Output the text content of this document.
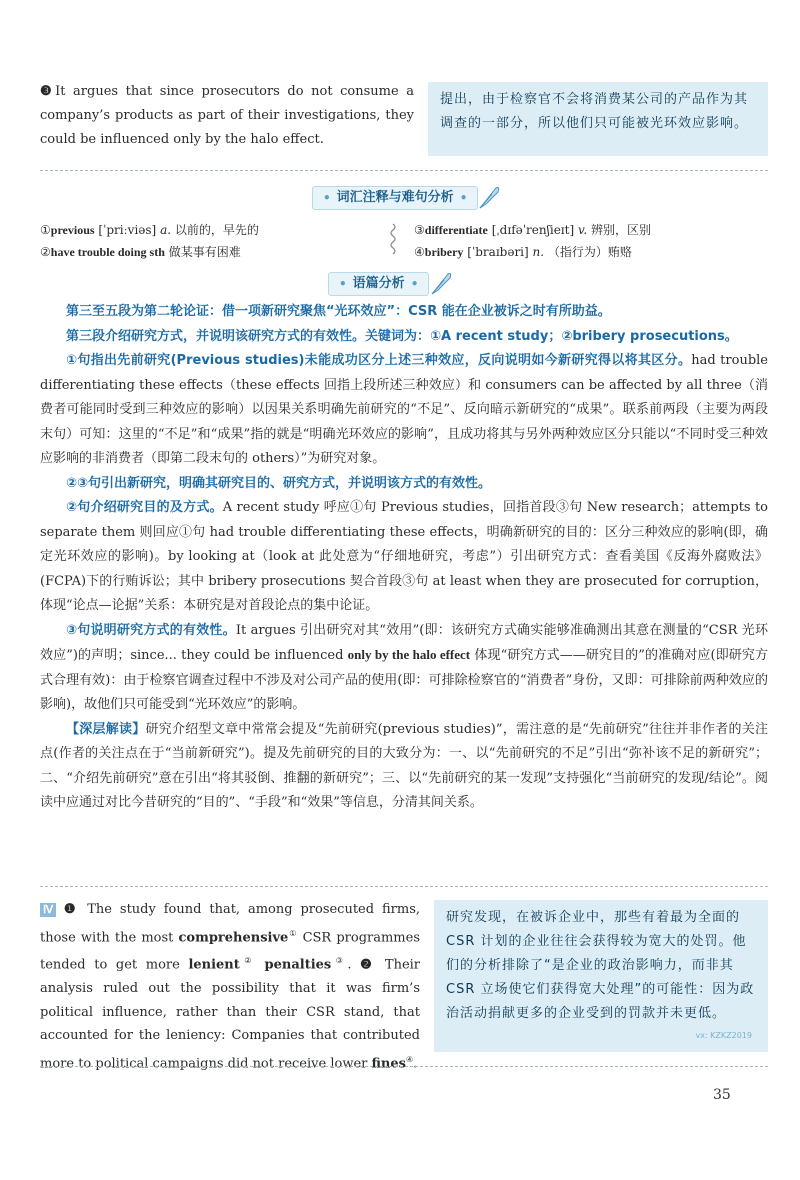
❸It argues that since prosecutors do not consume a company’s products as part of their investigations, they could be influenced only by the halo effect.
提出，由于检察官不会将消费某公司的产品作为其调查的一部分，所以他们只可能被光环效应影响。
• 词汇注释与难句分析 •
①previous [ˈpriːviəs] a. 以前的，早先的
②have trouble doing sth 做某事有困难
③differentiate [ˌdɪfəˈrenʃieɪt] v. 辨别，区别
④bribery [ˈbraɪbəri] n. （指行为）贿赂
• 语篇分析 •

第三至五段为第二轮论证：借一项新研究聚焦“光环效应”：CSR 能在企业被诉之时有所助益。

第三段介绍研究方式，并说明该研究方式的有效性。关键词为：①A recent study；②bribery prosecutions。

①句指出先前研究(Previous studies)未能成功区分上述三种效应，反向说明如今新研究得以将其区分。had trouble differentiating these effects（these effects 回指上段所述三种效应）和 consumers can be affected by all three（消费者可能同时受到三种效应的影响）以因果关系明确先前研究的“不足”、反向暗示新研究的“成果”。联系前两段（主要为两段末句）可知：这里的“不足”和“成果”指的就是“明确光环效应的影响”，且成功将其与另外两种效应区分只能以“不同时受三种效应影响的非消费者（即第二段末句的 others）”为研究对象。

②③句引出新研究，明确其研究目的、研究方式，并说明该方式的有效性。

②句介绍研究目的及方式。A recent study 呼应①句 Previous studies，回指首段③句 New research；attempts to separate them 则回应①句 had trouble differentiating these effects，明确新研究的目的：区分三种效应的影响(即，确定光环效应的影响)。by looking at（look at 此处意为“仔细地研究，考虑”）引出研究方式：查看美国《反海外腐败法》(FCPA)下的行贿诉讼；其中 bribery prosecutions 契合首段③句 at least when they are prosecuted for corruption，体现“论点—论据”关系：本研究是对首段论点的集中论证。

③句说明研究方式的有效性。It argues 引出研究对其“效用”(即：该研究方式确实能够准确测出其意在测量的“CSR 光环效应”)的声明；since... they could be influenced only by the halo effect 体现“研究方式——研究目的”的准确对应(即研究方式合理有效)：由于检察官调查过程中不涉及对公司产品的使用(即：可排除检察官的“消费者”身份，又即：可排除前两种效应的影响)，故他们只可能受到“光环效应”的影响。

【深层解读】研究介绍型文章中常常会提及“先前研究(previous studies)”，需注意的是“先前研究”往往并非作者的关注点(作者的关注点在于“当前新研究”)。提及先前研究的目的大致分为：一、以“先前研究的不足”引出“弥补该不足的新研究”；二、“介绍先前研究”意在引出“将其驳倒、推翻的新研究”；三、以“先前研究的某一发现”支持强化“当前研究的发现/结论”。阅读中应通过对比今昔研究的“目的”、“手段”和“效果”等信息，分清其间关系。

Ⅳ ❶ The study found that, among prosecuted firms, those with the most comprehensive① CSR programmes tended to get more lenient② penalties③. ❷ Their analysis ruled out the possibility that it was firm’s political influence, rather than their CSR stand, that accounted for the leniency: Companies that contributed more to political campaigns did not receive lower fines④.
研究发现，在被诉企业中，那些有着最为全面的 CSR 计划的企业往往会获得较为宽大的处罚。他们的分析排除了“是企业的政治影响力，而非其 CSR 立场使它们获得宽大处理”的可能性：因为政治活动捐献更多的企业受到的罚款并未更低。
vx: KZKZ2019
35
